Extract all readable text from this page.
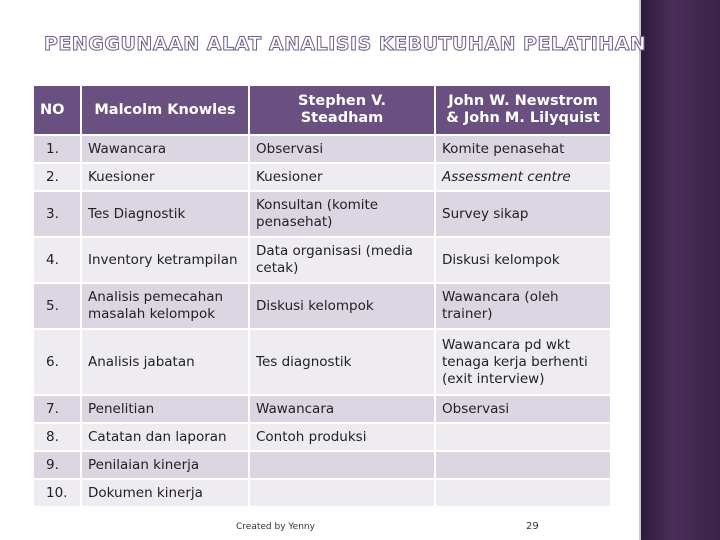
PENGGUNAAN ALAT ANALISIS KEBUTUHAN PELATIHAN
NO	Malcolm Knowles	Stephen V. Steadham	John W. Newstrom & John M. Lilyquist
1.	Wawancara	Observasi	Komite penasehat
2.	Kuesioner	Kuesioner	Assessment centre
3.	Tes Diagnostik	Konsultan (komite penasehat)	Survey sikap
4.	Inventory ketrampilan	Data organisasi (media cetak)	Diskusi kelompok
5.	Analisis pemecahan masalah kelompok	Diskusi kelompok	Wawancara (oleh trainer)
6.	Analisis jabatan	Tes diagnostik	Wawancara pd wkt tenaga kerja berhenti (exit interview)
7.	Penelitian	Wawancara	Observasi
8.	Catatan dan laporan	Contoh produksi	
9.	Penilaian kinerja		
10.	Dokumen kinerja		
Created by Yenny	29
